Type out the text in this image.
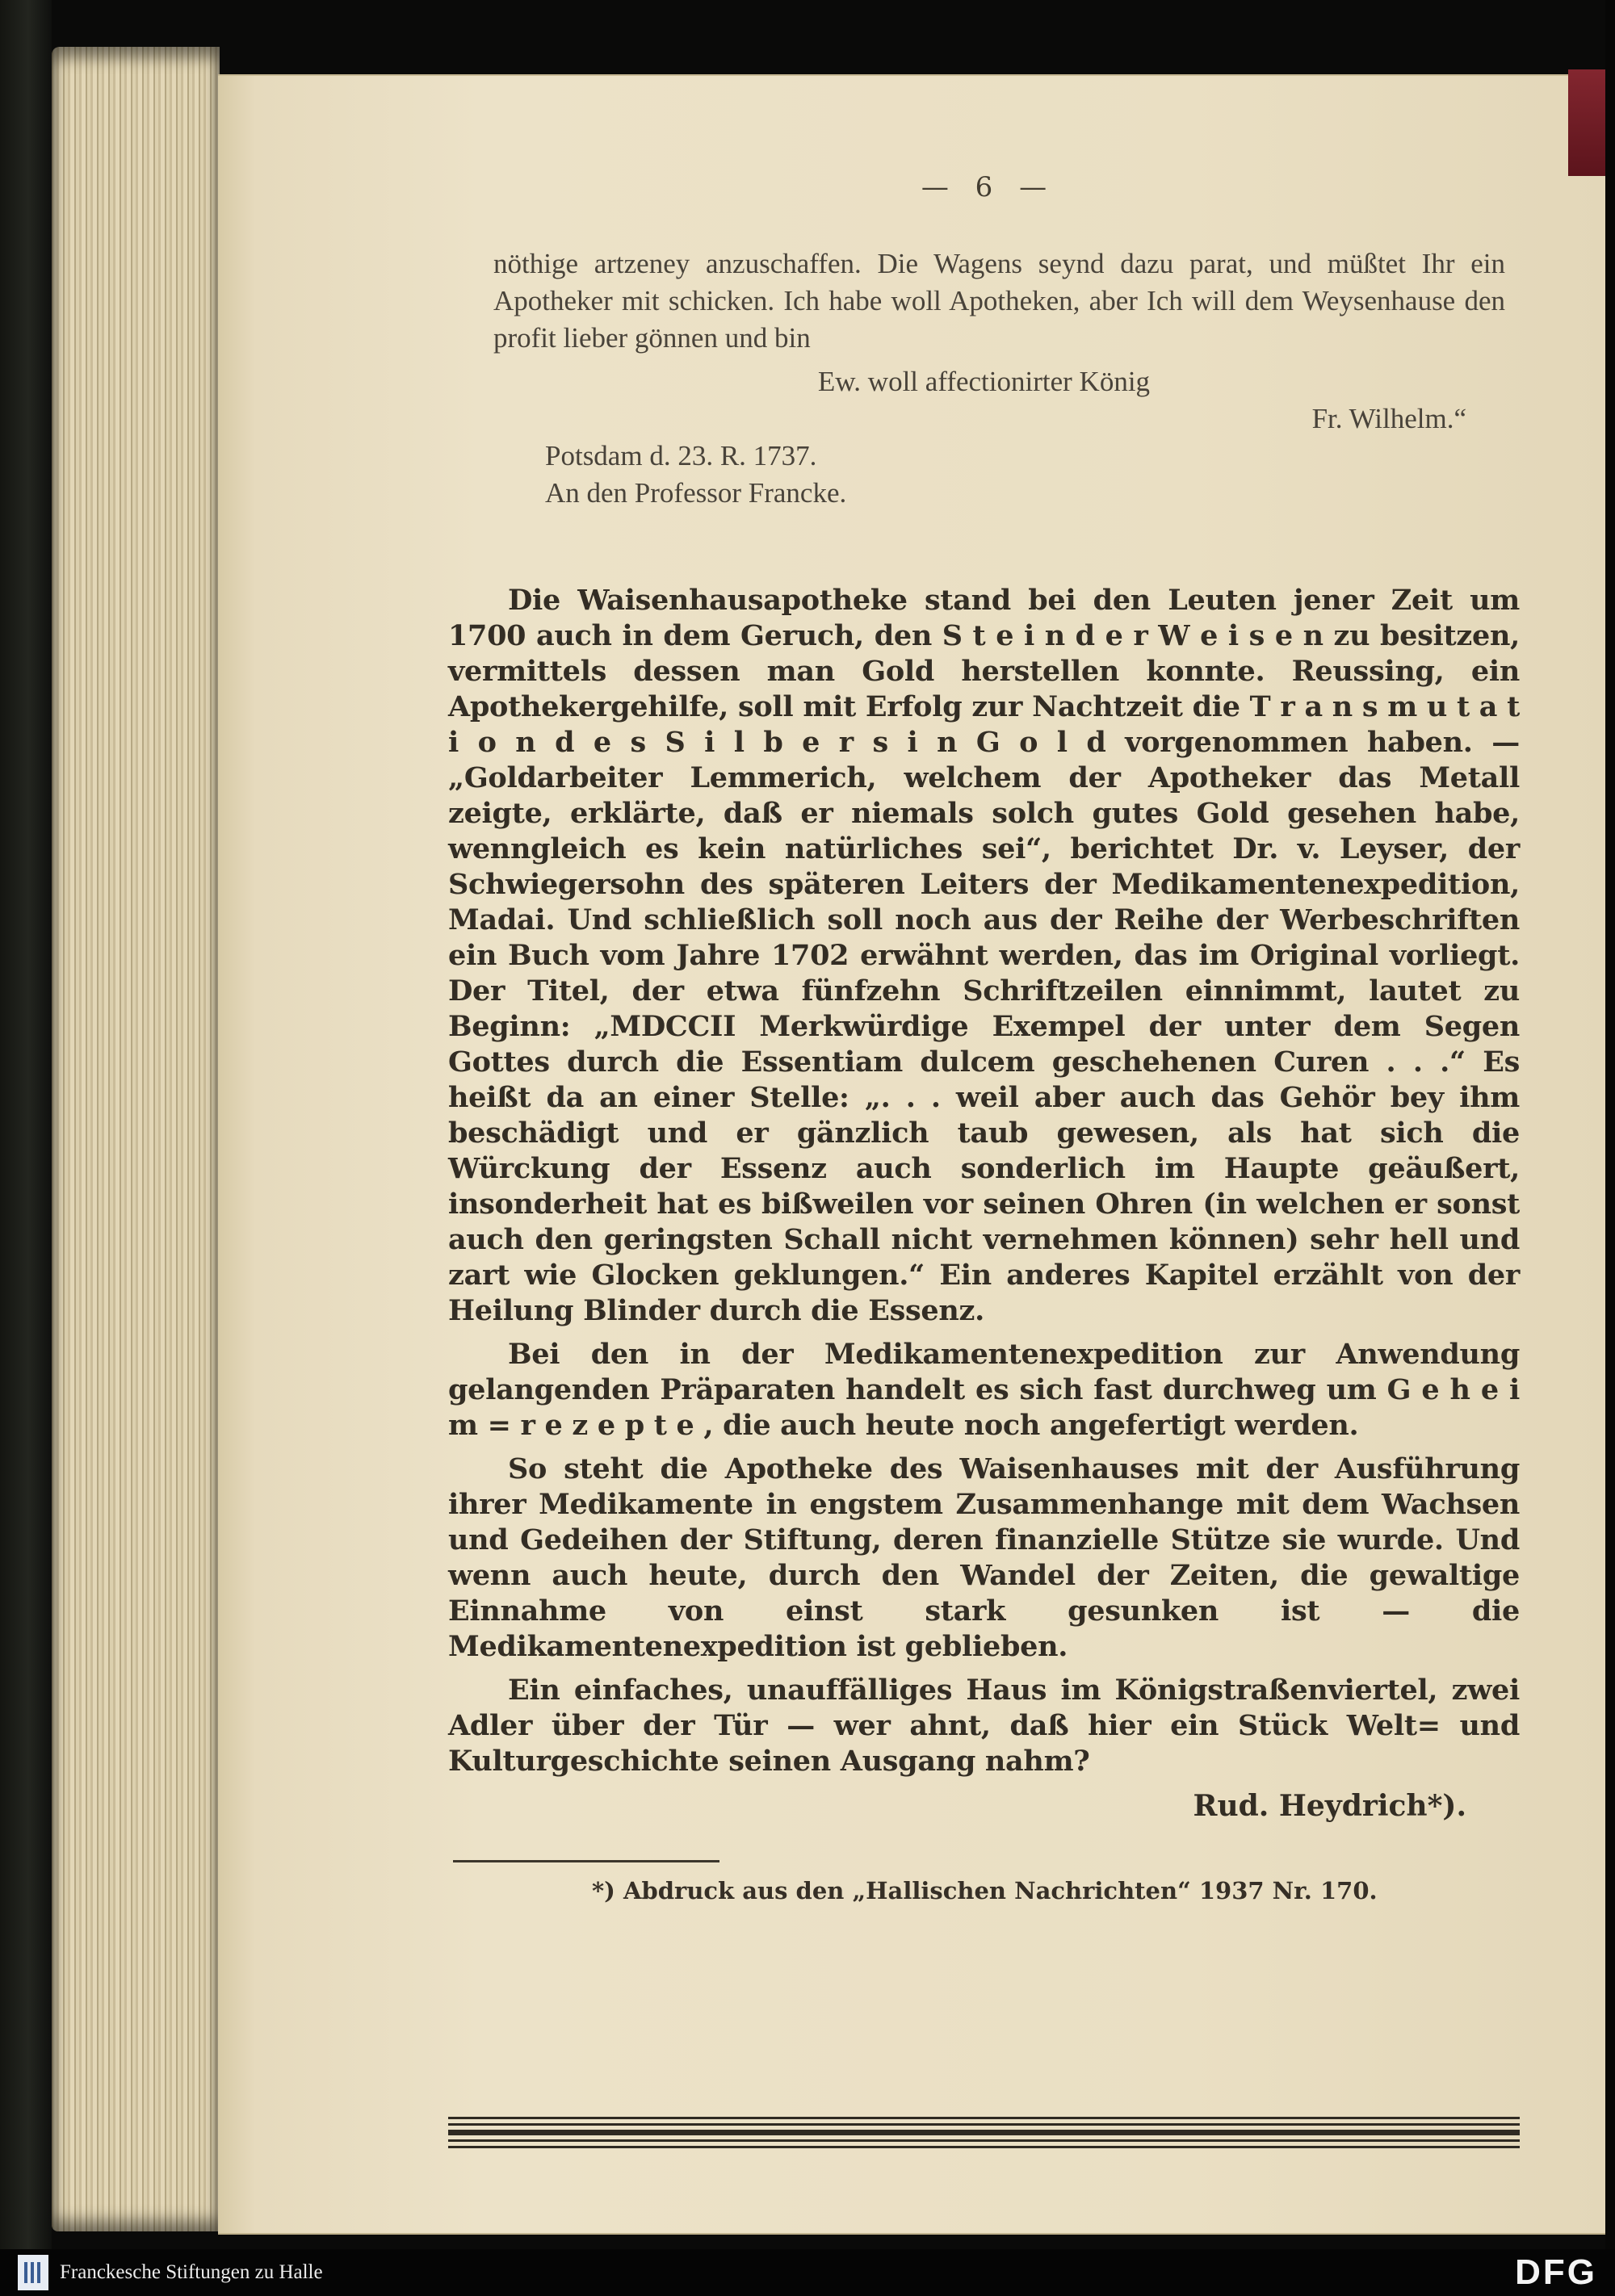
— 6 —

nöthige artzeney anzuschaffen. Die Wagens seynd dazu parat, und müßtet Ihr ein Apotheker mit schicken. Ich habe woll Apotheken, aber Ich will dem Weysenhause den profit lieber gönnen und bin

Ew. woll affectionirter König
Fr. Wilhelm.“
Potsdam d. 23. R. 1737.
An den Professor Francke.

Die Waisenhausapotheke stand bei den Leuten jener Zeit um 1700 auch in dem Geruch, den S t e i n d e r W e i s e n zu besitzen, vermittels dessen man Gold herstellen konnte. Reussing, ein Apothekergehilfe, soll mit Erfolg zur Nachtzeit die T r a n s m u t a t i o n d e s S i l b e r s i n G o l d vorgenommen haben. — „Goldarbeiter Lemmerich, welchem der Apotheker das Metall zeigte, erklärte, daß er niemals solch gutes Gold gesehen habe, wenngleich es kein natürliches sei“, berichtet Dr. v. Leyser, der Schwiegersohn des späteren Leiters der Medikamentenexpedition, Madai. Und schließlich soll noch aus der Reihe der Werbeschriften ein Buch vom Jahre 1702 erwähnt werden, das im Original vorliegt. Der Titel, der etwa fünfzehn Schriftzeilen einnimmt, lautet zu Beginn: „MDCCII Merkwürdige Exempel der unter dem Segen Gottes durch die Essentiam dulcem geschehenen Curen . . .“ Es heißt da an einer Stelle: „. . . weil aber auch das Gehör bey ihm beschädigt und er gänzlich taub gewesen, als hat sich die Würckung der Essenz auch sonderlich im Haupte geäußert, insonderheit hat es bißweilen vor seinen Ohren (in welchen er sonst auch den geringsten Schall nicht vernehmen können) sehr hell und zart wie Glocken geklungen.“ Ein anderes Kapitel erzählt von der Heilung Blinder durch die Essenz.

Bei den in der Medikamentenexpedition zur Anwendung gelangenden Präparaten handelt es sich fast durchweg um G e h e i m = r e z e p t e , die auch heute noch angefertigt werden.

So steht die Apotheke des Waisenhauses mit der Ausführung ihrer Medikamente in engstem Zusammenhange mit dem Wachsen und Gedeihen der Stiftung, deren finanzielle Stütze sie wurde. Und wenn auch heute, durch den Wandel der Zeiten, die gewaltige Einnahme von einst stark gesunken ist — die Medikamentenexpedition ist geblieben.

Ein einfaches, unauffälliges Haus im Königstraßenviertel, zwei Adler über der Tür — wer ahnt, daß hier ein Stück Welt= und Kulturgeschichte seinen Ausgang nahm?

Rud. Heydrich*).
*) Abdruck aus den „Hallischen Nachrichten“ 1937 Nr. 170.
Franckesche Stiftungen zu Halle	DFG
